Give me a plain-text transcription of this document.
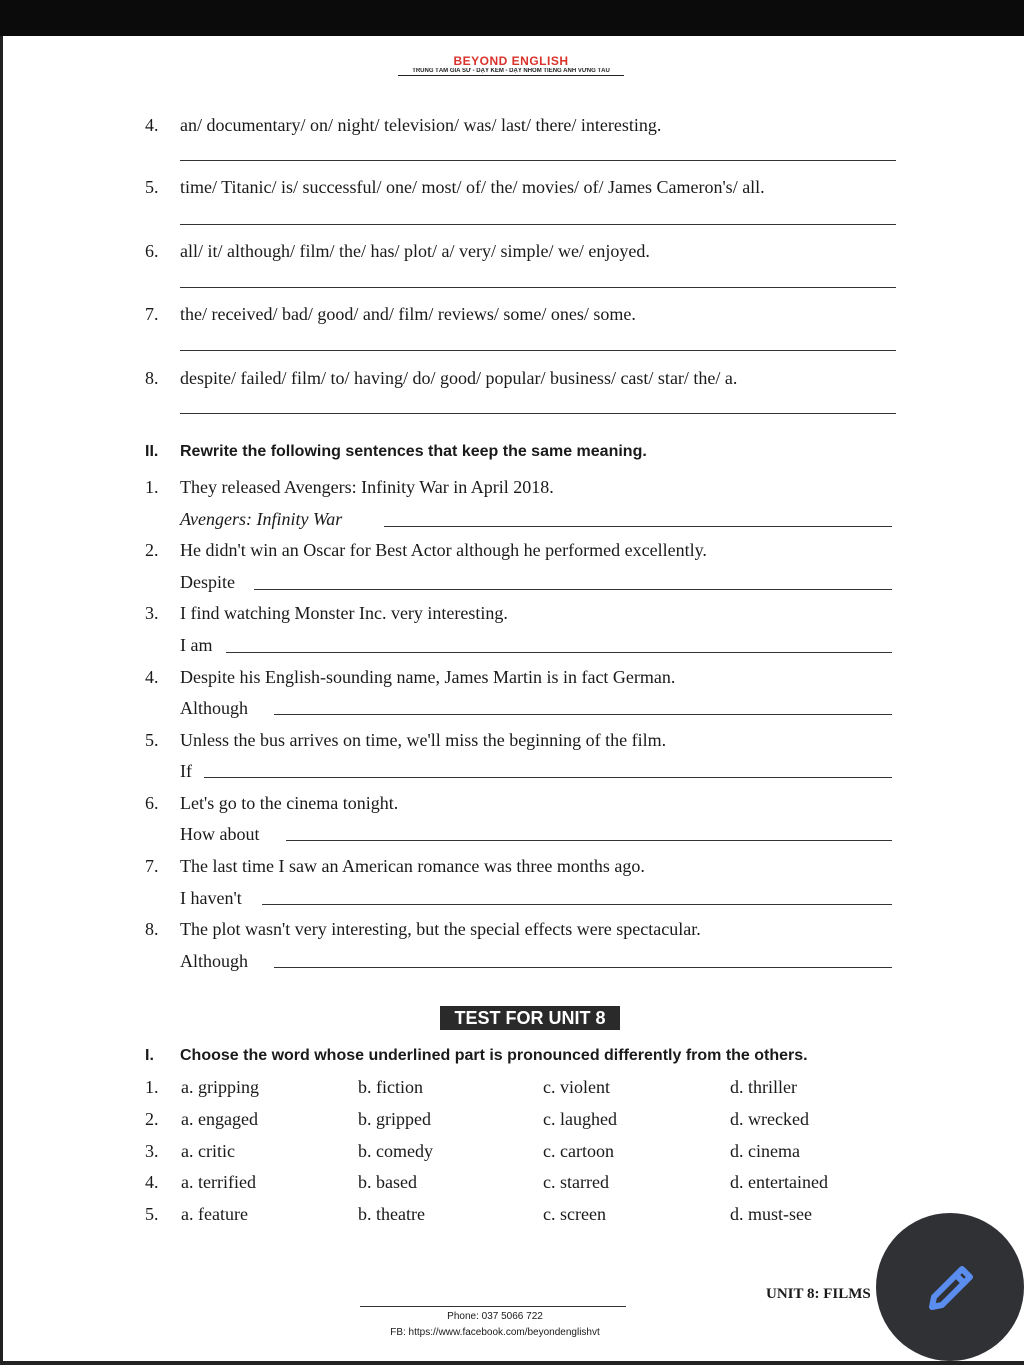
BEYOND ENGLISH
TRUNG TÂM GIA SƯ - DẠY KÈM - DẠY NHÓM TIẾNG ANH VỮNG TÀU
4. an/ documentary/ on/ night/ television/ was/ last/ there/ interesting.
5. time/ Titanic/ is/ successful/ one/ most/ of/ the/ movies/ of/ James Cameron's/ all.
6. all/ it/ although/ film/ the/ has/ plot/ a/ very/ simple/ we/ enjoyed.
7. the/ received/ bad/ good/ and/ film/ reviews/ some/ ones/ some.
8. despite/ failed/ film/ to/ having/ do/ good/ popular/ business/ cast/ star/ the/ a.
II. Rewrite the following sentences that keep the same meaning.
1. They released Avengers: Infinity War in April 2018.
Avengers: Infinity War
2. He didn't win an Oscar for Best Actor although he performed excellently.
Despite
3. I find watching Monster Inc. very interesting.
I am
4. Despite his English-sounding name, James Martin is in fact German.
Although
5. Unless the bus arrives on time, we'll miss the beginning of the film.
If
6. Let's go to the cinema tonight.
How about
7. The last time I saw an American romance was three months ago.
I haven't
8. The plot wasn't very interesting, but the special effects were spectacular.
Although
TEST FOR UNIT 8
I. Choose the word whose underlined part is pronounced differently from the others.
1. a. gripping	b. fiction	c. violent	d. thriller
2. a. engaged	b. gripped	c. laughed	d. wrecked
3. a. critic	b. comedy	c. cartoon	d. cinema
4. a. terrified	b. based	c. starred	d. entertained
5. a. feature	b. theatre	c. screen	d. must-see
UNIT 8: FILMS
Phone: 037 5066 722
FB: https://www.facebook.com/beyondenglishvt
